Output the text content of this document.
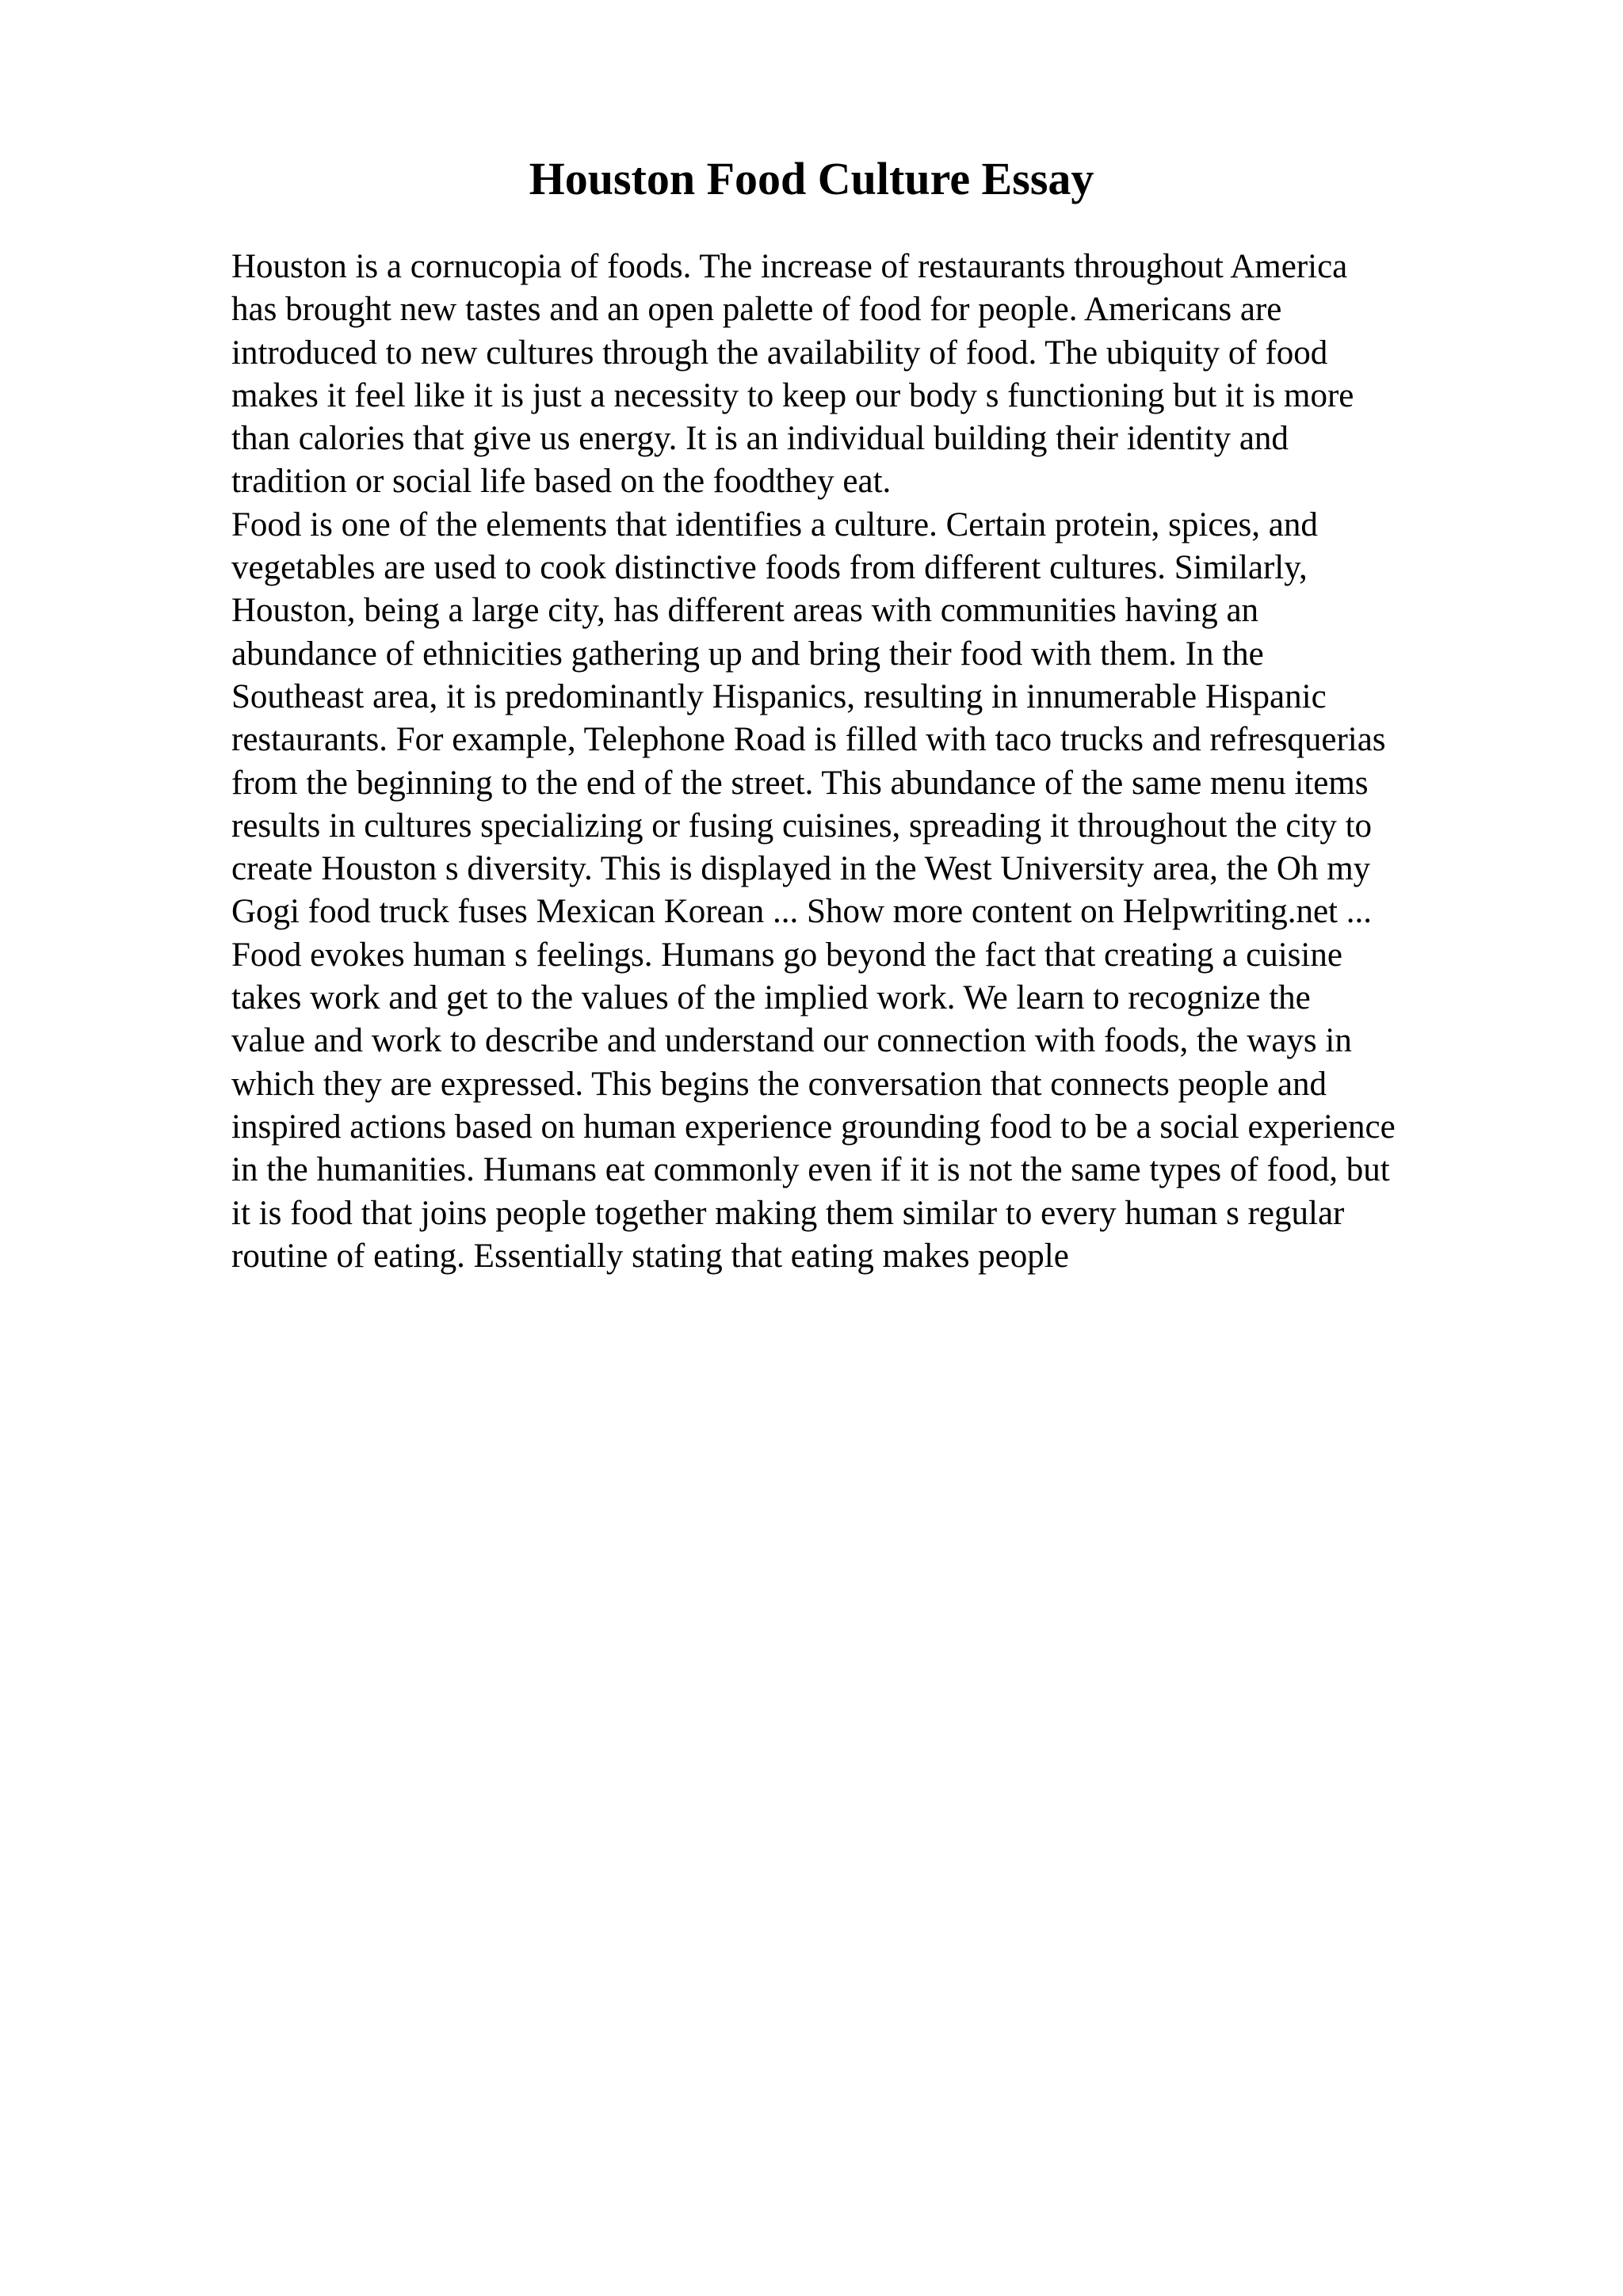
Houston Food Culture Essay
Houston is a cornucopia of foods. The increase of restaurants throughout America
has brought new tastes and an open palette of food for people. Americans are
introduced to new cultures through the availability of food. The ubiquity of food
makes it feel like it is just a necessity to keep our body s functioning but it is more
than calories that give us energy. It is an individual building their identity and
tradition or social life based on the foodthey eat.
Food is one of the elements that identifies a culture. Certain protein, spices, and
vegetables are used to cook distinctive foods from different cultures. Similarly,
Houston, being a large city, has different areas with communities having an
abundance of ethnicities gathering up and bring their food with them. In the
Southeast area, it is predominantly Hispanics, resulting in innumerable Hispanic
restaurants. For example, Telephone Road is filled with taco trucks and refresquerias
from the beginning to the end of the street. This abundance of the same menu items
results in cultures specializing or fusing cuisines, spreading it throughout the city to
create Houston s diversity. This is displayed in the West University area, the Oh my
Gogi food truck fuses Mexican Korean ... Show more content on Helpwriting.net ...
Food evokes human s feelings. Humans go beyond the fact that creating a cuisine
takes work and get to the values of the implied work. We learn to recognize the
value and work to describe and understand our connection with foods, the ways in
which they are expressed. This begins the conversation that connects people and
inspired actions based on human experience grounding food to be a social experience
in the humanities. Humans eat commonly even if it is not the same types of food, but
it is food that joins people together making them similar to every human s regular
routine of eating. Essentially stating that eating makes people
